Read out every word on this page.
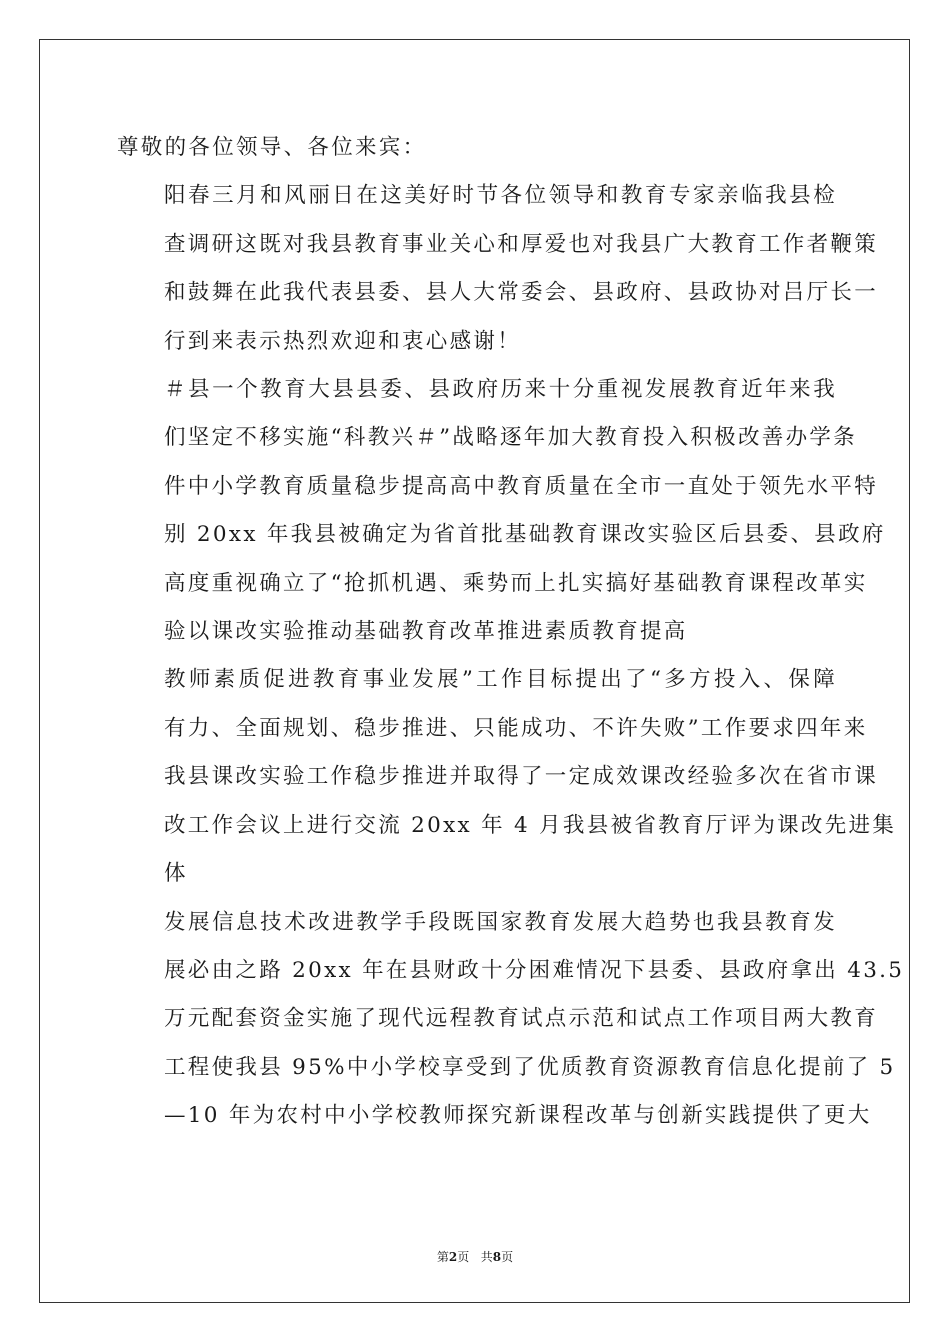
尊敬的各位领导、各位来宾：

阳春三月和风丽日在这美好时节各位领导和教育专家亲临我县检
查调研这既对我县教育事业关心和厚爱也对我县广大教育工作者鞭策
和鼓舞在此我代表县委、县人大常委会、县政府、县政协对吕厅长一
行到来表示热烈欢迎和衷心感谢！

＃县一个教育大县县委、县政府历来十分重视发展教育近年来我
们坚定不移实施“科教兴＃”战略逐年加大教育投入积极改善办学条
件中小学教育质量稳步提高高中教育质量在全市一直处于领先水平特
别 20xx 年我县被确定为省首批基础教育课改实验区后县委、县政府
高度重视确立了“抢抓机遇、乘势而上扎实搞好基础教育课程改革实
验以课改实验推动基础教育改革推进素质教育提高

教师素质促进教育事业发展”工作目标提出了“多方投入、保障
有力、全面规划、稳步推进、只能成功、不许失败”工作要求四年来
我县课改实验工作稳步推进并取得了一定成效课改经验多次在省市课
改工作会议上进行交流 20xx 年 4 月我县被省教育厅评为课改先进集
体

发展信息技术改进教学手段既国家教育发展大趋势也我县教育发
展必由之路 20xx 年在县财政十分困难情况下县委、县政府拿出 43.5
万元配套资金实施了现代远程教育试点示范和试点工作项目两大教育
工程使我县 95%中小学校享受到了优质教育资源教育信息化提前了 5
—10 年为农村中小学校教师探究新课程改革与创新实践提供了更大

第2页 共8页
